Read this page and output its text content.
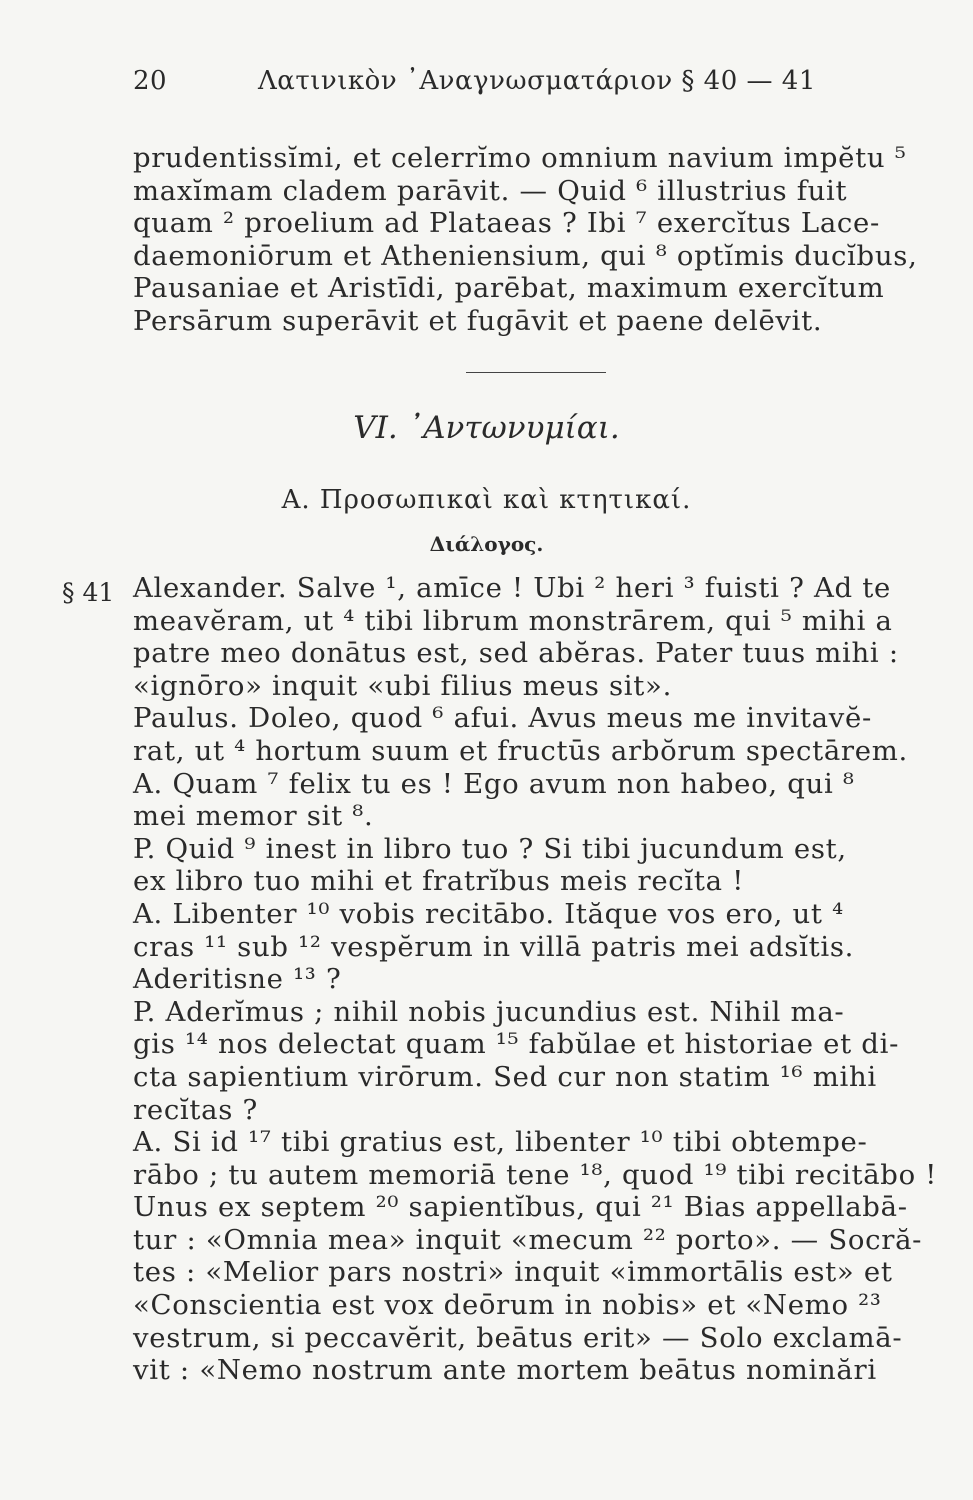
20	Λατινικὸν ᾿Αναγνωσματάριον § 40 — 41
prudentissĭmi, et celerrĭmo omnium navium impĕtu ⁵
maxĭmam cladem parāvit. — Quid ⁶ illustrius fuit
quam ² proelium ad Plataeas ? Ibi ⁷ exercĭtus Lace-
daemoniōrum et Atheniensium, qui ⁸ optĭmis ducĭbus,
Pausaniae et Aristīdi, parēbat, maximum exercĭtum
Persārum superāvit et fugāvit et paene delēvit.
VI. ᾿Αντωνυμίαι.
Α. Προσωπικαὶ καὶ κτητικαί.
Διάλογος.
§ 41 Alexander. Salve ¹, amīce ! Ubi ² heri ³ fuisti ? Ad te
meavĕram, ut ⁴ tibi librum monstrārem, qui ⁵ mihi a
patre meo donātus est, sed abĕras. Pater tuus mihi :
«ignōro» inquit «ubi filius meus sit».
Paulus. Doleo, quod ⁶ afui. Avus meus me invitavĕ-
rat, ut ⁴ hortum suum et fructūs arbŏrum spectārem.
A. Quam ⁷ felix tu es ! Ego avum non habeo, qui ⁸
mei memor sit ⁸.
P. Quid ⁹ inest in libro tuo ? Si tibi jucundum est,
ex libro tuo mihi et fratrĭbus meis recĭta !
A. Libenter ¹⁰ vobis recitābo. Ităque vos ero, ut ⁴
cras ¹¹ sub ¹² vespĕrum in villā patris mei adsĭtis.
Aderitisne ¹³ ?
P. Aderĭmus ; nihil nobis jucundius est. Nihil ma-
gis ¹⁴ nos delectat quam ¹⁵ fabŭlae et historiae et di-
cta sapientium virōrum. Sed cur non statim ¹⁶ mihi
recĭtas ?
A. Si id ¹⁷ tibi gratius est, libenter ¹⁰ tibi obtempe-
rābo ; tu autem memoriā tene ¹⁸, quod ¹⁹ tibi recitābo !
Unus ex septem ²⁰ sapientĭbus, qui ²¹ Bias appellabā-
tur : «Omnia mea» inquit «mecum ²² porto». — Socră-
tes : «Melior pars nostri» inquit «immortālis est» et
«Conscientia est vox deōrum in nobis» et «Nemo ²³
vestrum, si peccavĕrit, beātus erit» — Solo exclamā-
vit : «Nemo nostrum ante mortem beātus nominări
